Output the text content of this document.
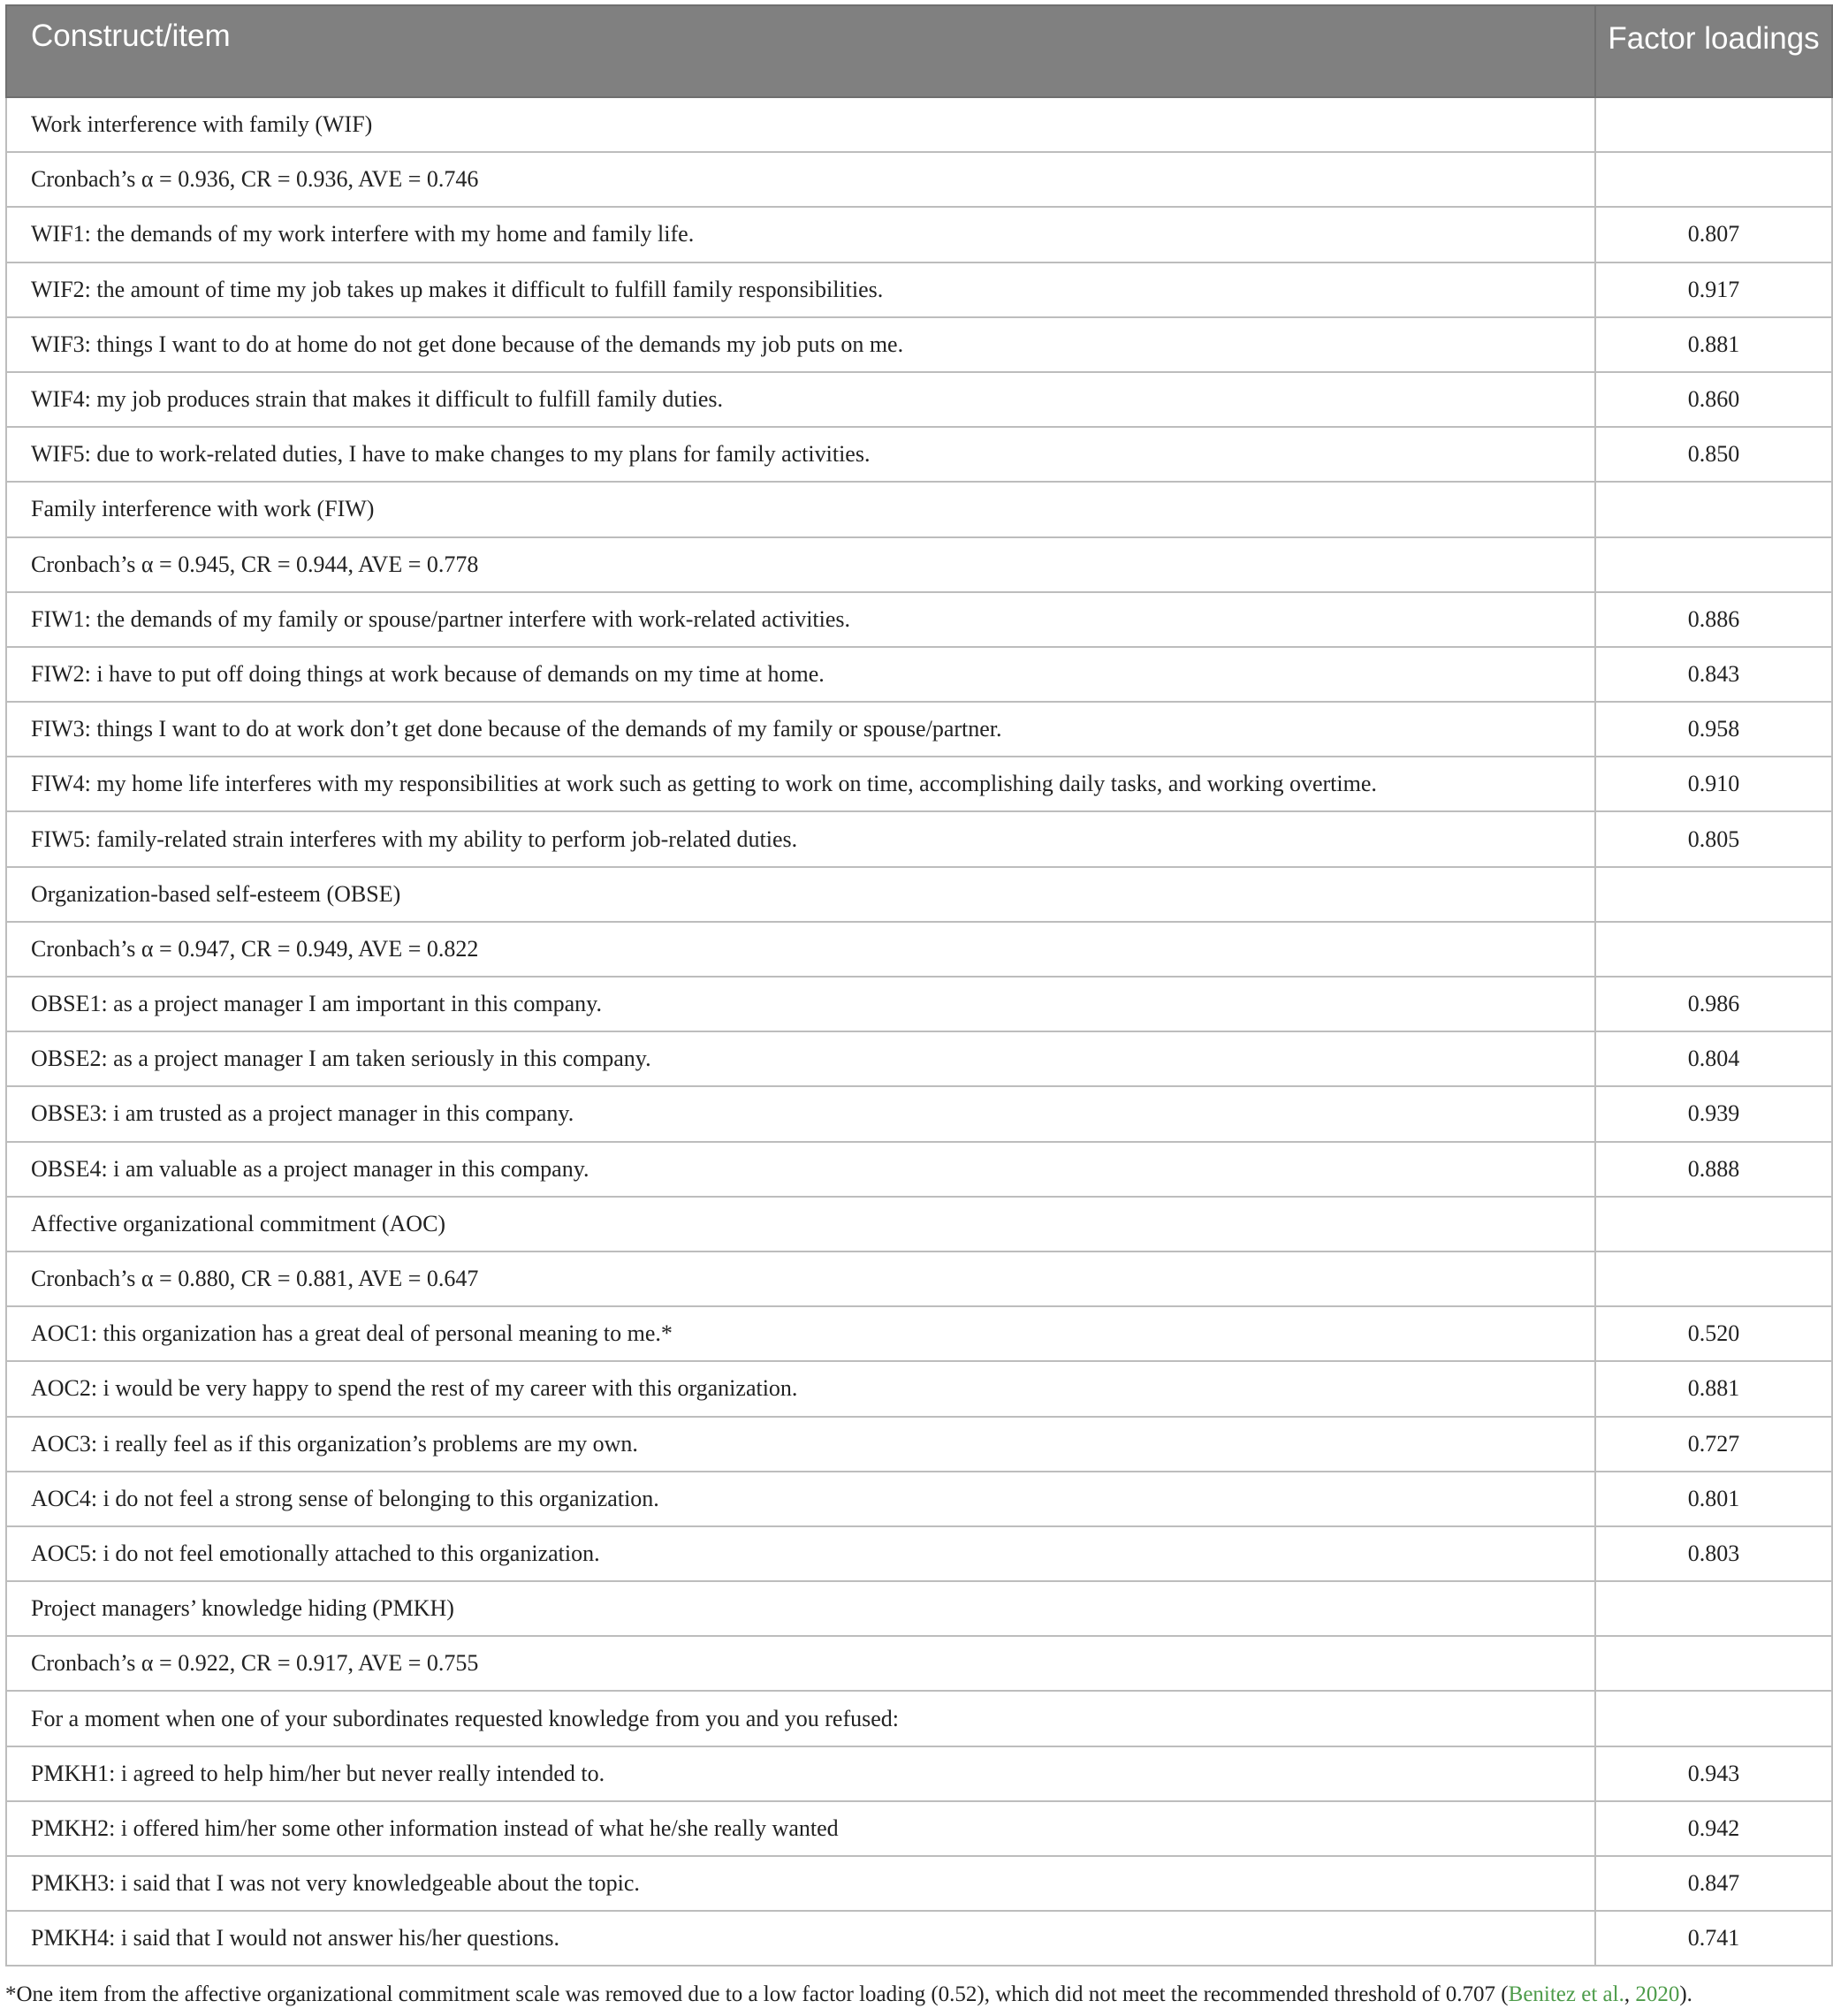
Construct/item	Factor loadings
Work interference with family (WIF)	
Cronbach’s α = 0.936, CR = 0.936, AVE = 0.746	
WIF1: the demands of my work interfere with my home and family life.	0.807
WIF2: the amount of time my job takes up makes it difficult to fulfill family responsibilities.	0.917
WIF3: things I want to do at home do not get done because of the demands my job puts on me.	0.881
WIF4: my job produces strain that makes it difficult to fulfill family duties.	0.860
WIF5: due to work-related duties, I have to make changes to my plans for family activities.	0.850
Family interference with work (FIW)	
Cronbach’s α = 0.945, CR = 0.944, AVE = 0.778	
FIW1: the demands of my family or spouse/partner interfere with work-related activities.	0.886
FIW2: i have to put off doing things at work because of demands on my time at home.	0.843
FIW3: things I want to do at work don’t get done because of the demands of my family or spouse/partner.	0.958
FIW4: my home life interferes with my responsibilities at work such as getting to work on time, accomplishing daily tasks, and working overtime.	0.910
FIW5: family-related strain interferes with my ability to perform job-related duties.	0.805
Organization-based self-esteem (OBSE)	
Cronbach’s α = 0.947, CR = 0.949, AVE = 0.822	
OBSE1: as a project manager I am important in this company.	0.986
OBSE2: as a project manager I am taken seriously in this company.	0.804
OBSE3: i am trusted as a project manager in this company.	0.939
OBSE4: i am valuable as a project manager in this company.	0.888
Affective organizational commitment (AOC)	
Cronbach’s α = 0.880, CR = 0.881, AVE = 0.647	
AOC1: this organization has a great deal of personal meaning to me.*	0.520
AOC2: i would be very happy to spend the rest of my career with this organization.	0.881
AOC3: i really feel as if this organization’s problems are my own.	0.727
AOC4: i do not feel a strong sense of belonging to this organization.	0.801
AOC5: i do not feel emotionally attached to this organization.	0.803
Project managers’ knowledge hiding (PMKH)	
Cronbach’s α = 0.922, CR = 0.917, AVE = 0.755	
For a moment when one of your subordinates requested knowledge from you and you refused:	
PMKH1: i agreed to help him/her but never really intended to.	0.943
PMKH2: i offered him/her some other information instead of what he/she really wanted	0.942
PMKH3: i said that I was not very knowledgeable about the topic.	0.847
PMKH4: i said that I would not answer his/her questions.	0.741
*One item from the affective organizational commitment scale was removed due to a low factor loading (0.52), which did not meet the recommended threshold of 0.707 (Benitez et al., 2020).
